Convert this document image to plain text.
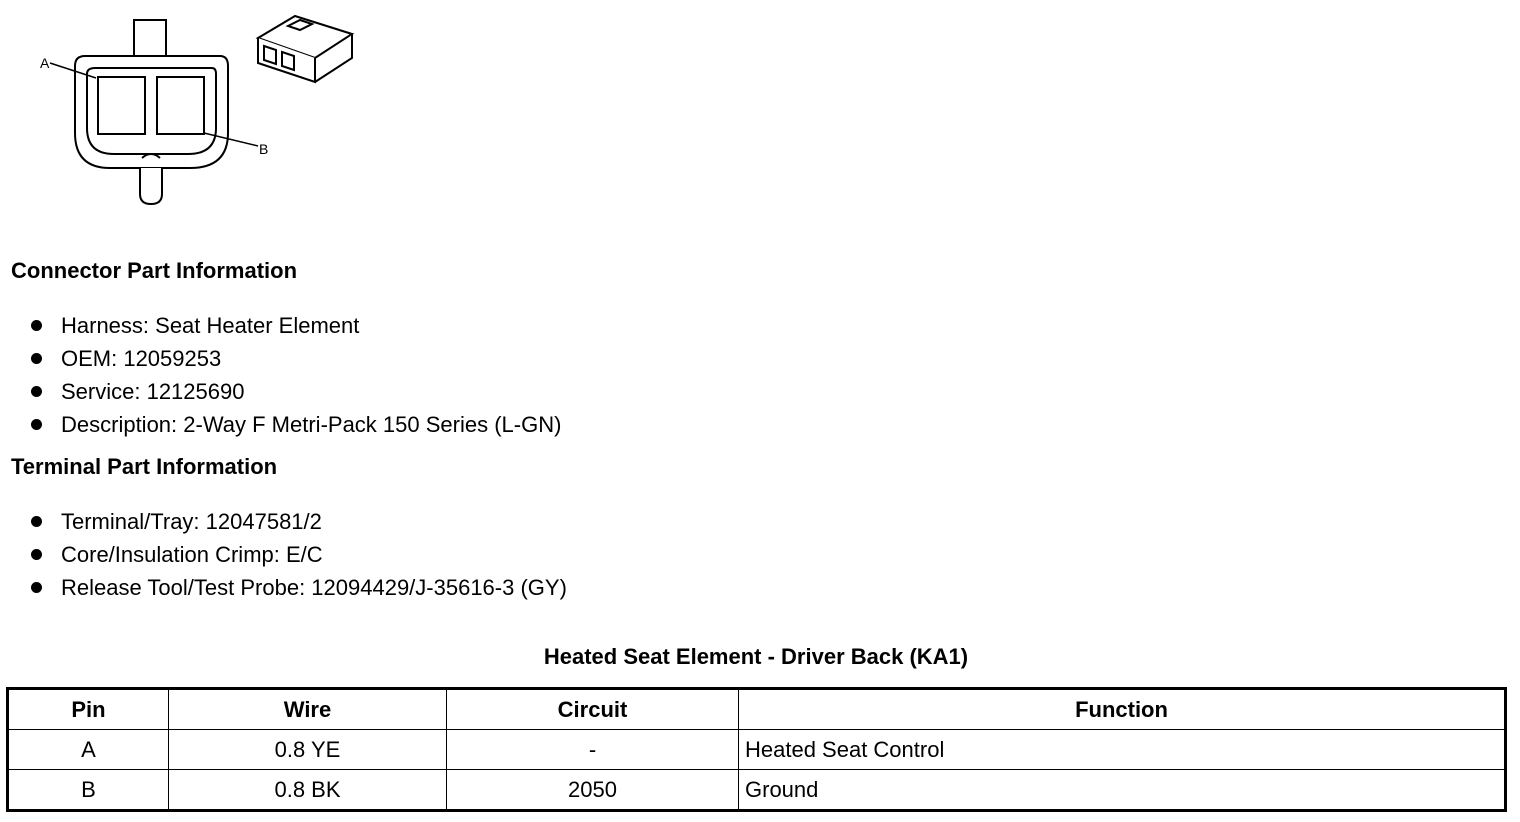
A
B
Connector Part Information
Harness: Seat Heater Element
OEM: 12059253
Service: 12125690
Description: 2-Way F Metri-Pack 150 Series (L-GN)
Terminal Part Information
Terminal/Tray: 12047581/2
Core/Insulation Crimp: E/C
Release Tool/Test Probe: 12094429/J-35616-3 (GY)
Heated Seat Element - Driver Back (KA1)
Pin	Wire	Circuit	Function
A	0.8 YE	-	Heated Seat Control
B	0.8 BK	2050	Ground
